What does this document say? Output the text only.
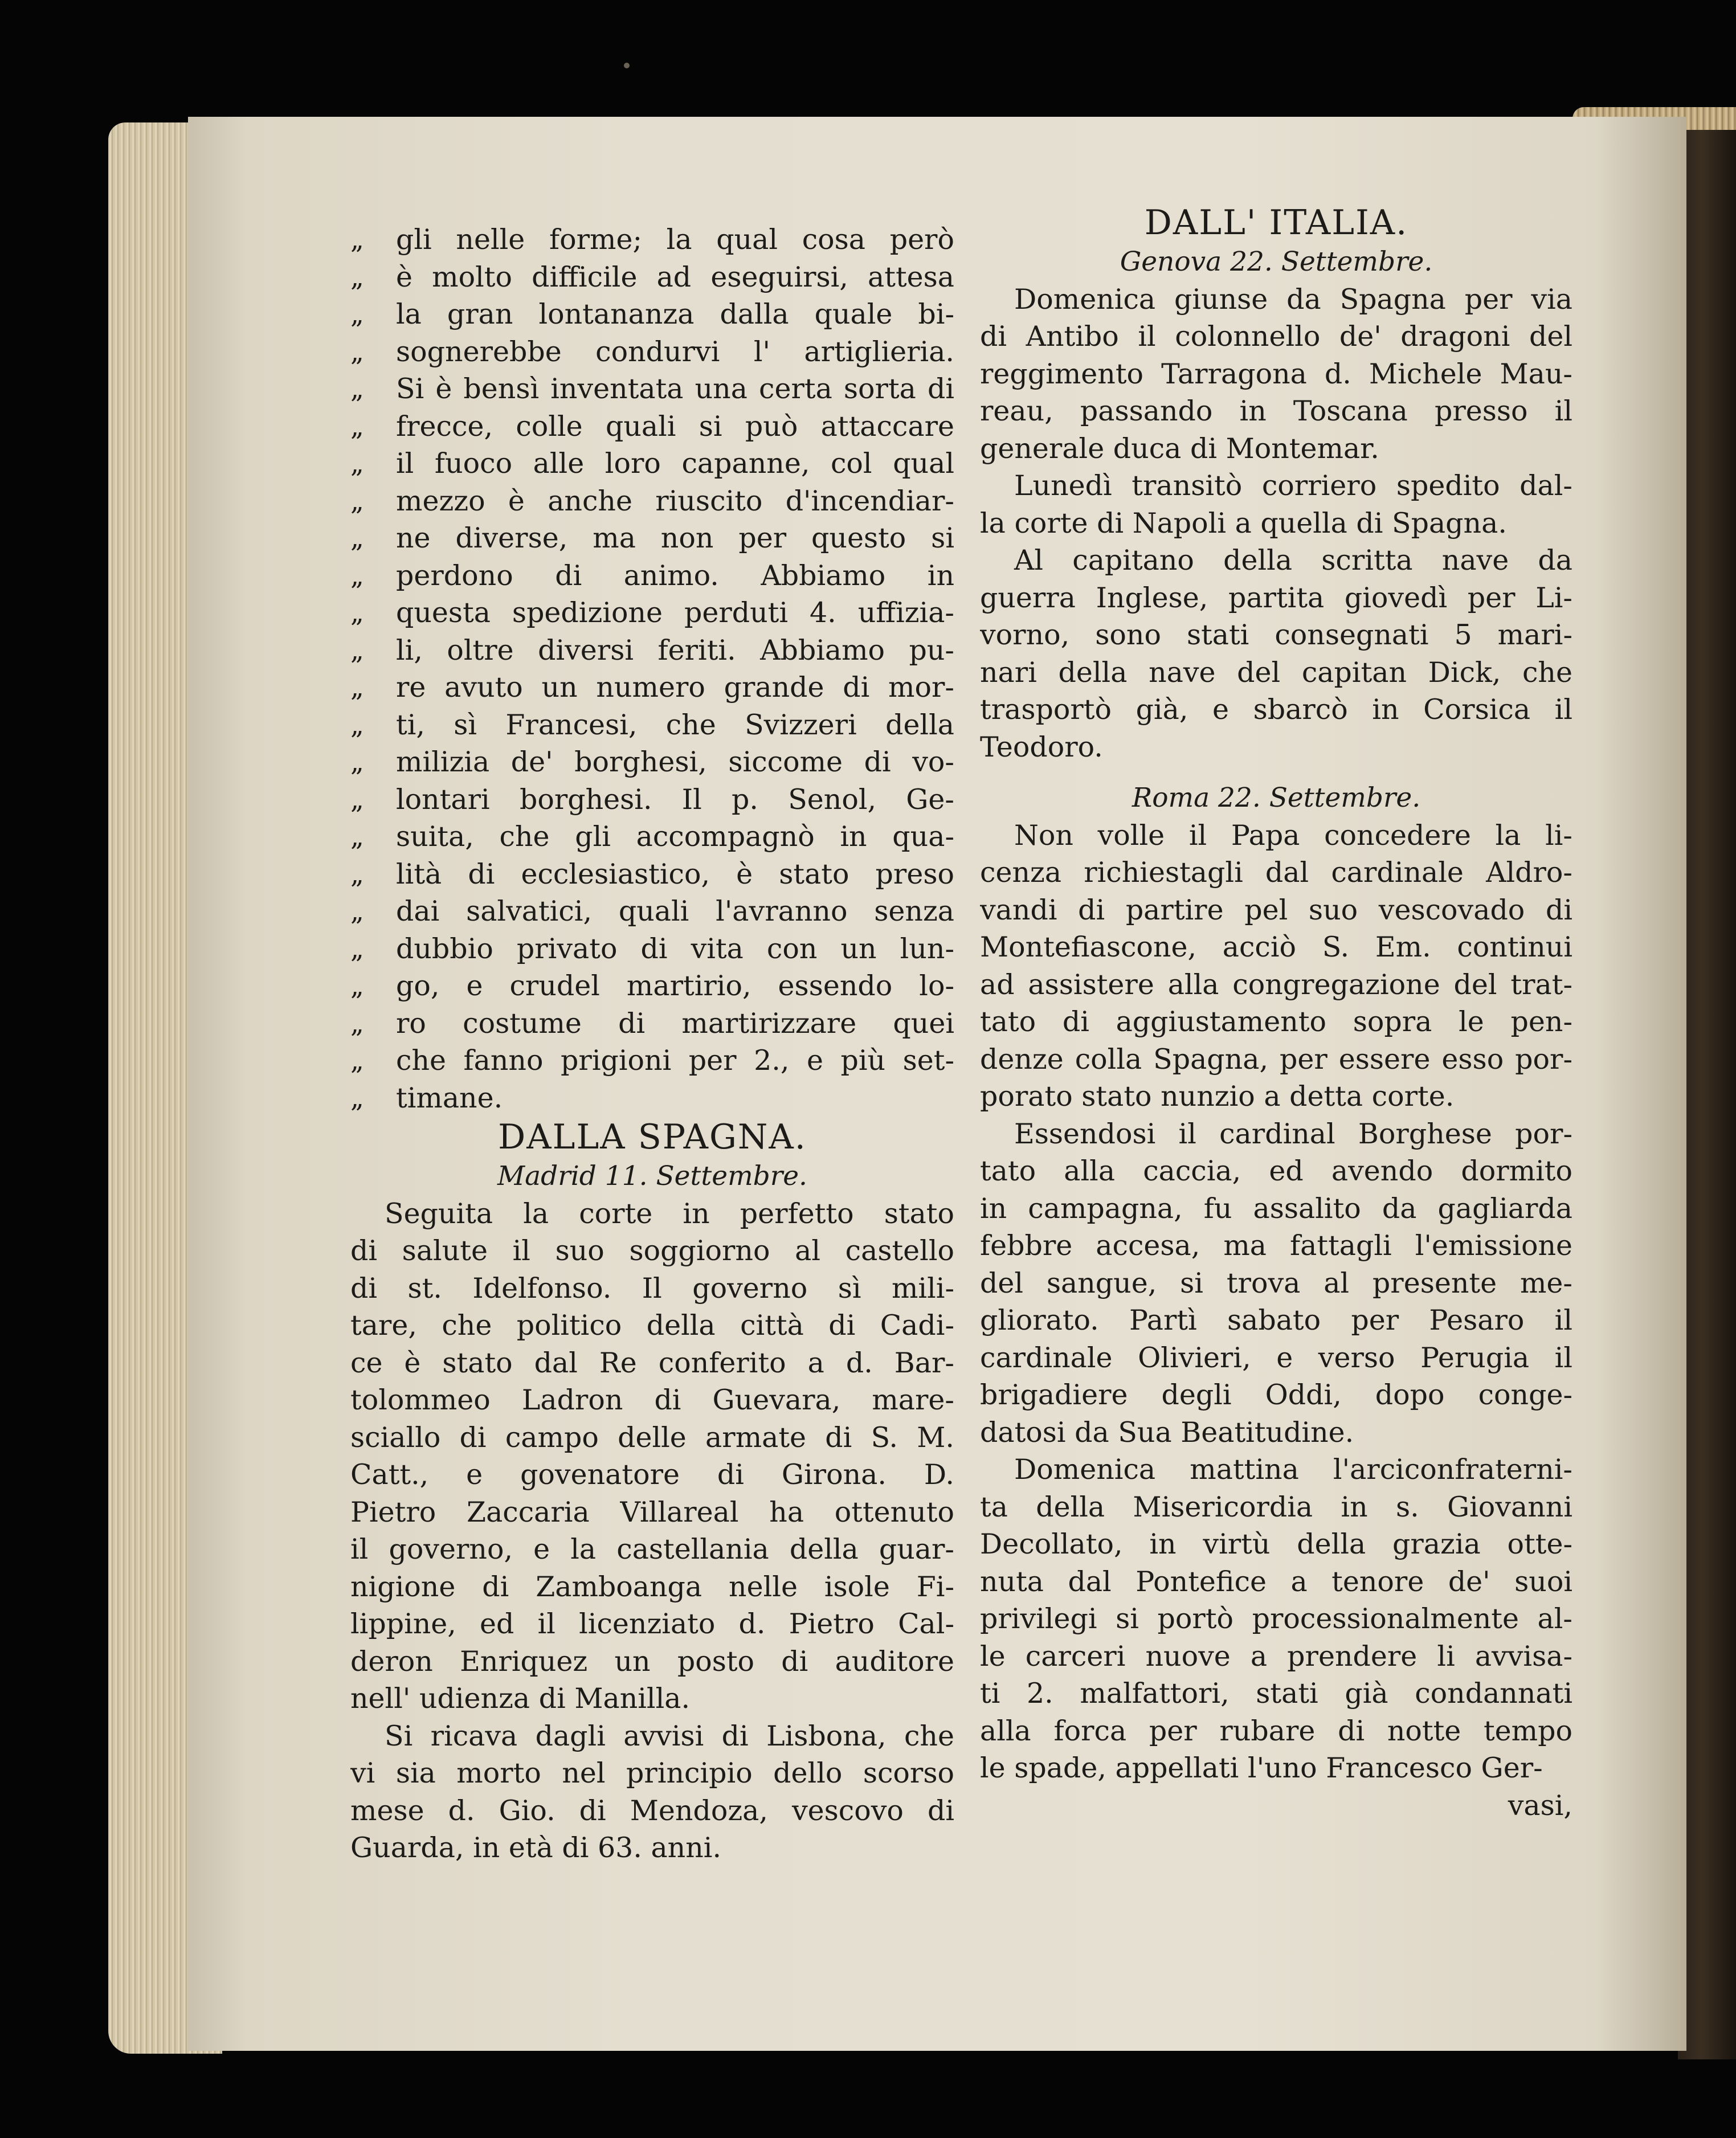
„ gli nelle forme; la qual cosa però
„ è molto difficile ad eseguirsi, attesa
„ la gran lontananza dalla quale bi-
„ sognerebbe condurvi l' artiglieria.
„ Si è bensì inventata una certa sorta di
„ frecce, colle quali si può attaccare
„ il fuoco alle loro capanne, col qual
„ mezzo è anche riuscito d'incendiar-
„ ne diverse, ma non per questo si
„ perdono di animo. Abbiamo in
„ questa spedizione perduti 4. uffizia-
„ li, oltre diversi feriti. Abbiamo pu-
„ re avuto un numero grande di mor-
„ ti, sì Francesi, che Svizzeri della
„ milizia de' borghesi, siccome di vo-
„ lontari borghesi. Il p. Senol, Ge-
„ suita, che gli accompagnò in qua-
„ lità di ecclesiastico, è stato preso
„ dai salvatici, quali l'avranno senza
„ dubbio privato di vita con un lun-
„ go, e crudel martirio, essendo lo-
„ ro costume di martirizzare quei
„ che fanno prigioni per 2., e più set-
„ timane.
DALLA SPAGNA.
Madrid 11. Settembre.
Seguita la corte in perfetto stato
di salute il suo soggiorno al castello
di st. Idelfonso. Il governo sì mili-
tare, che politico della città di Cadi-
ce è stato dal Re conferito a d. Bar-
tolommeo Ladron di Guevara, mare-
sciallo di campo delle armate di S. M.
Catt., e govenatore di Girona. D.
Pietro Zaccaria Villareal ha ottenuto
il governo, e la castellania della guar-
nigione di Zamboanga nelle isole Fi-
lippine, ed il licenziato d. Pietro Cal-
deron Enriquez un posto di auditore
nell' udienza di Manilla.
Si ricava dagli avvisi di Lisbona, che
vi sia morto nel principio dello scorso
mese d. Gio. di Mendoza, vescovo di
Guarda, in età di 63. anni.
DALL' ITALIA.
Genova 22. Settembre.
Domenica giunse da Spagna per via
di Antibo il colonnello de' dragoni del
reggimento Tarragona d. Michele Mau-
reau, passando in Toscana presso il
generale duca di Montemar.
Lunedì transitò corriero spedito dal-
la corte di Napoli a quella di Spagna.
Al capitano della scritta nave da
guerra Inglese, partita giovedì per Li-
vorno, sono stati consegnati 5 mari-
nari della nave del capitan Dick, che
trasportò già, e sbarcò in Corsica il
Teodoro.
Roma 22. Settembre.
Non volle il Papa concedere la li-
cenza richiestagli dal cardinale Aldro-
vandi di partire pel suo vescovado di
Montefiascone, acciò S. Em. continui
ad assistere alla congregazione del trat-
tato di aggiustamento sopra le pen-
denze colla Spagna, per essere esso por-
porato stato nunzio a detta corte.
Essendosi il cardinal Borghese por-
tato alla caccia, ed avendo dormito
in campagna, fu assalito da gagliarda
febbre accesa, ma fattagli l'emissione
del sangue, si trova al presente me-
gliorato. Partì sabato per Pesaro il
cardinale Olivieri, e verso Perugia il
brigadiere degli Oddi, dopo conge-
datosi da Sua Beatitudine.
Domenica mattina l'arciconfraterni-
ta della Misericordia in s. Giovanni
Decollato, in virtù della grazia otte-
nuta dal Pontefice a tenore de' suoi
privilegi si portò processionalmente al-
le carceri nuove a prendere li avvisa-
ti 2. malfattori, stati già condannati
alla forca per rubare di notte tempo
le spade, appellati l'uno Francesco Ger-
vasi,
